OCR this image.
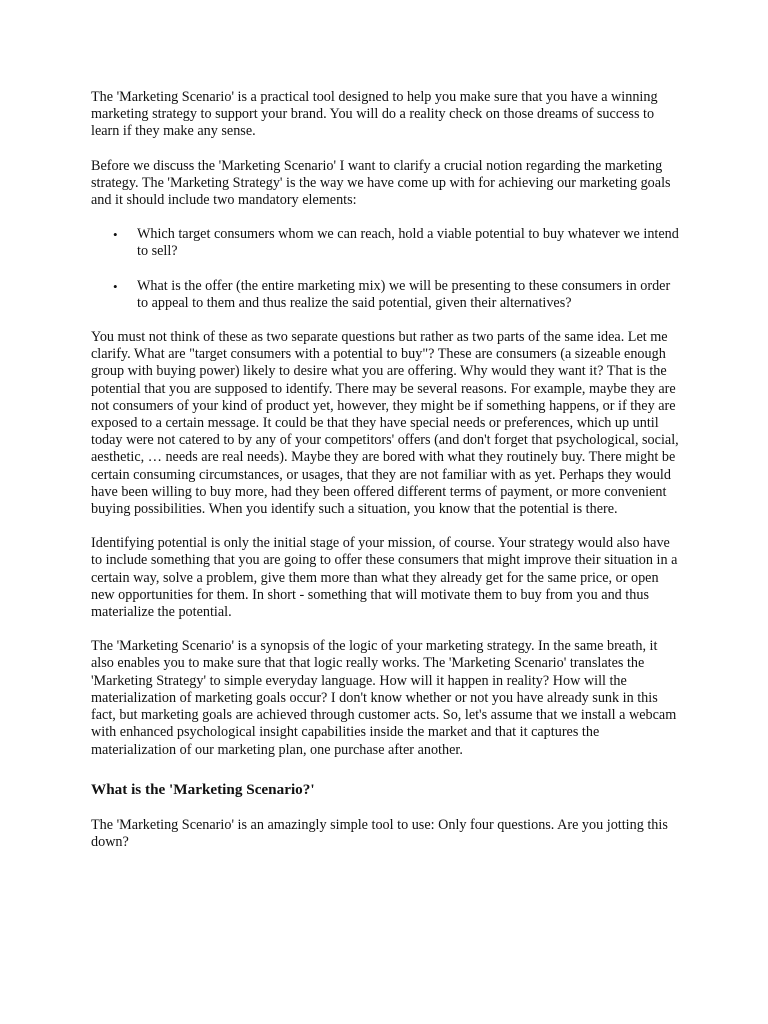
The 'Marketing Scenario' is a practical tool designed to help you make sure that you have a winning marketing strategy to support your brand. You will do a reality check on those dreams of success to learn if they make any sense.

Before we discuss the 'Marketing Scenario' I want to clarify a crucial notion regarding the marketing strategy. The 'Marketing Strategy' is the way we have come up with for achieving our marketing goals and it should include two mandatory elements:

• Which target consumers whom we can reach, hold a viable potential to buy whatever we intend to sell?
• What is the offer (the entire marketing mix) we will be presenting to these consumers in order to appeal to them and thus realize the said potential, given their alternatives?

You must not think of these as two separate questions but rather as two parts of the same idea. Let me clarify. What are "target consumers with a potential to buy"? These are consumers (a sizeable enough group with buying power) likely to desire what you are offering. Why would they want it? That is the potential that you are supposed to identify. There may be several reasons. For example, maybe they are not consumers of your kind of product yet, however, they might be if something happens, or if they are exposed to a certain message. It could be that they have special needs or preferences, which up until today were not catered to by any of your competitors' offers (and don't forget that psychological, social, aesthetic, … needs are real needs). Maybe they are bored with what they routinely buy. There might be certain consuming circumstances, or usages, that they are not familiar with as yet. Perhaps they would have been willing to buy more, had they been offered different terms of payment, or more convenient buying possibilities. When you identify such a situation, you know that the potential is there.

Identifying potential is only the initial stage of your mission, of course. Your strategy would also have to include something that you are going to offer these consumers that might improve their situation in a certain way, solve a problem, give them more than what they already get for the same price, or open new opportunities for them. In short - something that will motivate them to buy from you and thus materialize the potential.

The 'Marketing Scenario' is a synopsis of the logic of your marketing strategy. In the same breath, it also enables you to make sure that that logic really works. The 'Marketing Scenario' translates the 'Marketing Strategy' to simple everyday language. How will it happen in reality? How will the materialization of marketing goals occur? I don't know whether or not you have already sunk in this fact, but marketing goals are achieved through customer acts. So, let's assume that we install a webcam with enhanced psychological insight capabilities inside the market and that it captures the materialization of our marketing plan, one purchase after another.

What is the 'Marketing Scenario?'

The 'Marketing Scenario' is an amazingly simple tool to use: Only four questions. Are you jotting this down?
